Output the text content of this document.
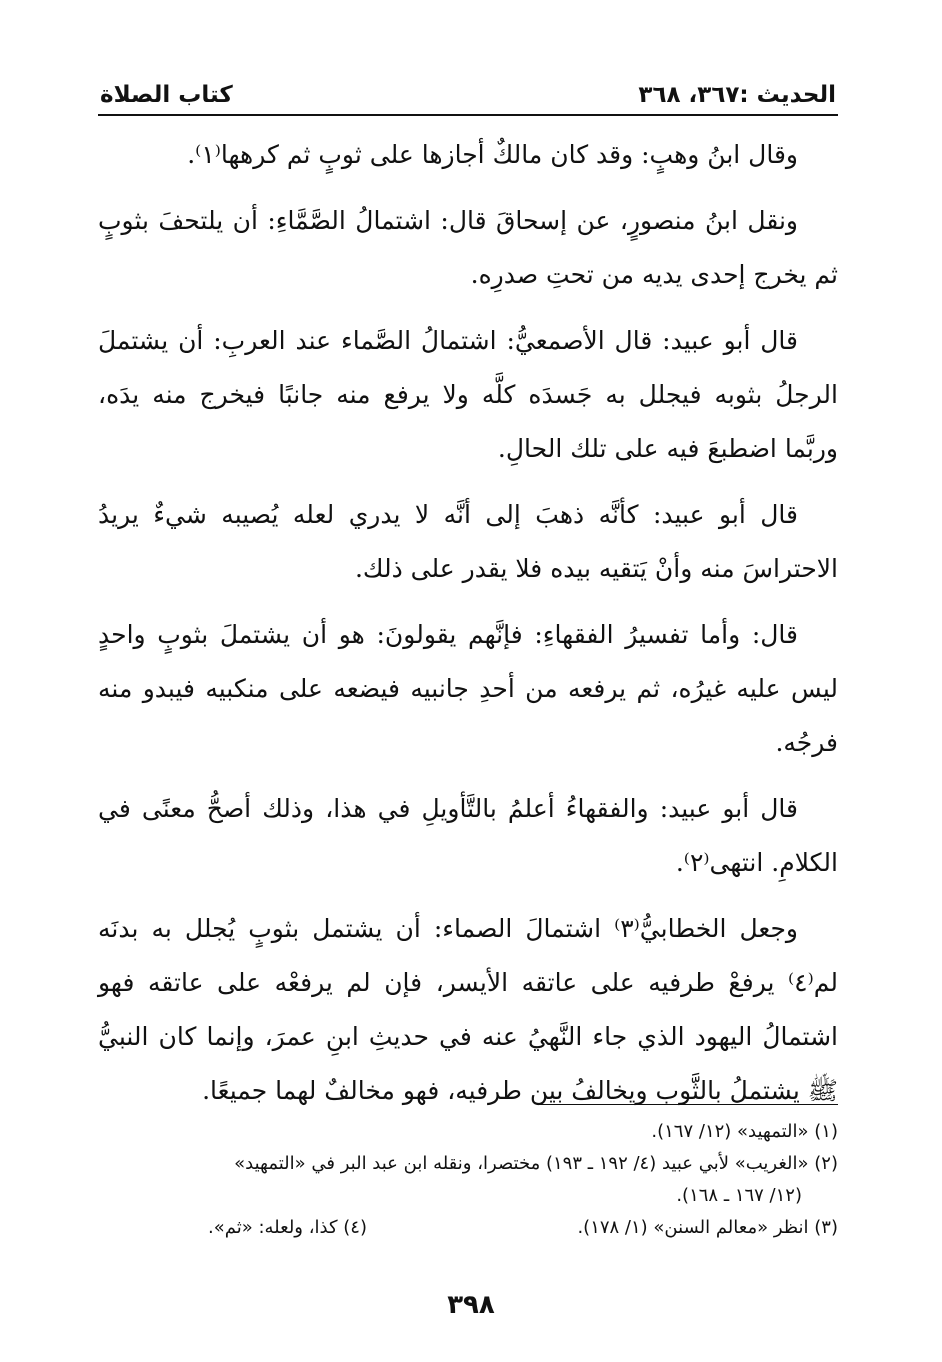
الحديث :٣٦٧، ٣٦٨
كتاب الصلاة

وقال ابنُ وهبٍ: وقد كان مالكٌ أجازها على ثوبٍ ثم كرهها⁽١⁾.

ونقل ابنُ منصورٍ، عن إسحاقَ قال: اشتمالُ الصَّمَّاءِ: أن يلتحفَ بثوبٍ ثم يخرج إحدى يديه من تحتِ صدرِه.

قال أبو عبيد: قال الأصمعيُّ: اشتمالُ الصَّماء عند العربِ: أن يشتملَ الرجلُ بثوبه فيجلل به جَسدَه كلَّه ولا يرفع منه جانبًا فيخرج منه يدَه، وربَّما اضطبعَ فيه على تلك الحالِ.

قال أبو عبيد: كأنَّه ذهبَ إلى أنَّه لا يدري لعله يُصيبه شيءٌ يريدُ الاحتراسَ منه وأنْ يَتقيه بيده فلا يقدر على ذلك.

قال: وأما تفسيرُ الفقهاءِ: فإنَّهم يقولونَ: هو أن يشتملَ بثوبٍ واحدٍ ليس عليه غيرُه، ثم يرفعه من أحدِ جانبيه فيضعه على منكبيه فيبدو منه فرجُه.

قال أبو عبيد: والفقهاءُ أعلمُ بالتَّأويلِ في هذا، وذلك أصحُّ معنًى في الكلامِ. انتهى⁽٢⁾.

وجعل الخطابيُّ⁽٣⁾ اشتمالَ الصماء: أن يشتمل بثوبٍ يُجلل به بدنَه لم⁽٤⁾ يرفعْ طرفيه على عاتقه الأيسر، فإن لم يرفعْه على عاتقه فهو اشتمالُ اليهود الذي جاء النَّهيُ عنه في حديثِ ابنِ عمرَ، وإنما كان النبيُّ ﷺ يشتملُ بالثَّوب ويخالفُ بين طرفيه، فهو مخالفٌ لهما جميعًا.

(١) «التمهيد» (١٢/ ١٦٧).

(٢) «الغريب» لأبي عبيد (٤/ ١٩٢ ـ ١٩٣) مختصرا، ونقله ابن عبد البر في «التمهيد»

(١٢/ ١٦٧ ـ ١٦٨).

(٣) انظر «معالم السنن» (١/ ١٧٨).
(٤) كذا، ولعله: «ثم».
٣٩٨
